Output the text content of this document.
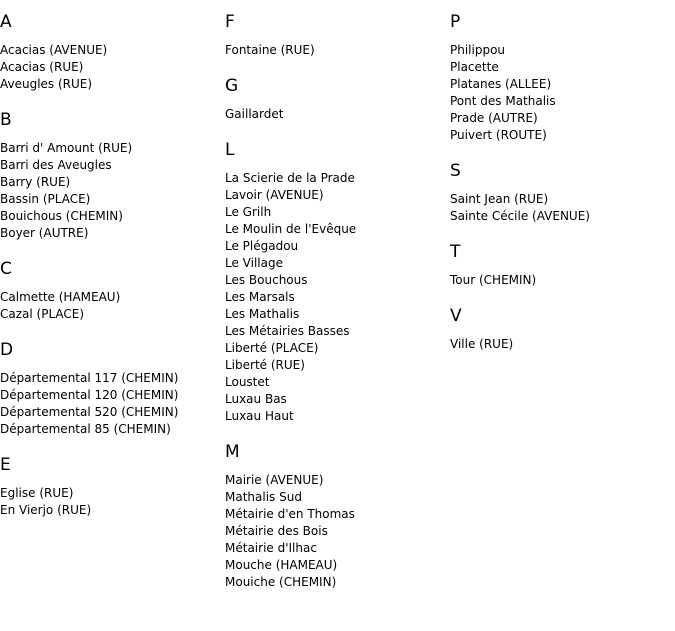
A
Acacias (AVENUE)
Acacias (RUE)
Aveugles (RUE)
B
Barri d' Amount (RUE)
Barri des Aveugles
Barry (RUE)
Bassin (PLACE)
Bouichous (CHEMIN)
Boyer (AUTRE)
C
Calmette (HAMEAU)
Cazal (PLACE)
D
Départemental 117 (CHEMIN)
Départemental 120 (CHEMIN)
Départemental 520 (CHEMIN)
Départemental 85 (CHEMIN)
E
Eglise (RUE)
En Vierjo (RUE)
F
Fontaine (RUE)
G
Gaillardet
L
La Scierie de la Prade
Lavoir (AVENUE)
Le Grilh
Le Moulin de l'Evêque
Le Plégadou
Le Village
Les Bouchous
Les Marsals
Les Mathalis
Les Métairies Basses
Liberté (PLACE)
Liberté (RUE)
Loustet
Luxau Bas
Luxau Haut
M
Mairie (AVENUE)
Mathalis Sud
Métairie d'en Thomas
Métairie des Bois
Métairie d'Ilhac
Mouche (HAMEAU)
Mouiche (CHEMIN)
P
Philippou
Placette
Platanes (ALLEE)
Pont des Mathalis
Prade (AUTRE)
Puivert (ROUTE)
S
Saint Jean (RUE)
Sainte Cécile (AVENUE)
T
Tour (CHEMIN)
V
Ville (RUE)
